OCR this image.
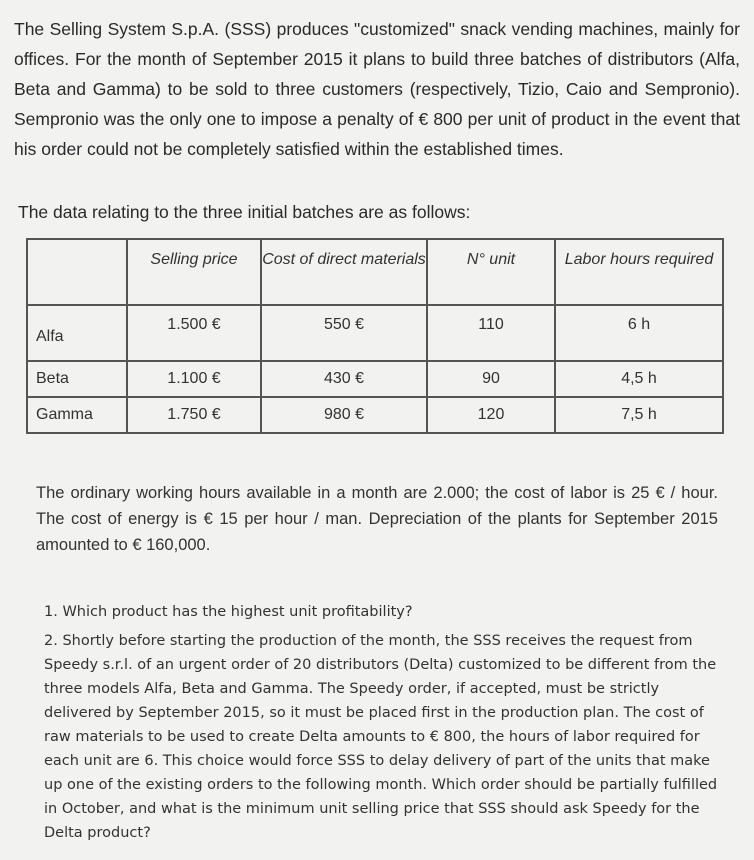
The Selling System S.p.A. (SSS) produces "customized" snack vending machines, mainly for offices. For the month of September 2015 it plans to build three batches of distributors (Alfa, Beta and Gamma) to be sold to three customers (respectively, Tizio, Caio and Sempronio). Sempronio was the only one to impose a penalty of € 800 per unit of product in the event that his order could not be completely satisfied within the established times.

The data relating to the three initial batches are as follows:
	Selling price	Cost of direct materials	N° unit	Labor hours required
Alfa	1.500 €	550 €	110	6 h
Beta	1.100 €	430 €	90	4,5 h
Gamma	1.750 €	980 €	120	7,5 h

The ordinary working hours available in a month are 2.000; the cost of labor is 25 € / hour. The cost of energy is € 15 per hour / man. Depreciation of the plants for September 2015 amounted to € 160,000.

1. Which product has the highest unit profitability?

2. Shortly before starting the production of the month, the SSS receives the request from Speedy s.r.l. of an urgent order of 20 distributors (Delta) customized to be different from the three models Alfa, Beta and Gamma. The Speedy order, if accepted, must be strictly delivered by September 2015, so it must be placed first in the production plan. The cost of raw materials to be used to create Delta amounts to € 800, the hours of labor required for each unit are 6. This choice would force SSS to delay delivery of part of the units that make up one of the existing orders to the following month. Which order should be partially fulfilled in October, and what is the minimum unit selling price that SSS should ask Speedy for the Delta product?
